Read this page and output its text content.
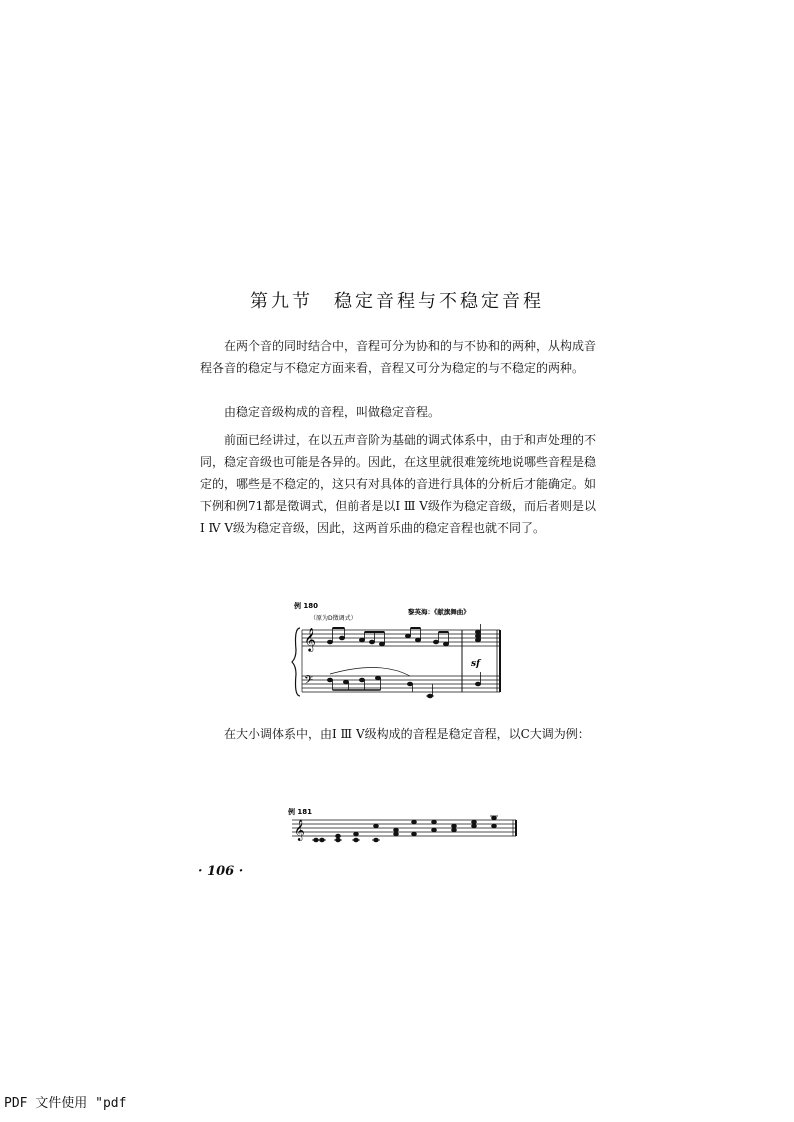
第九节　稳定音程与不稳定音程

在两个音的同时结合中，音程可分为协和的与不协和的两种，从构成音程各音的稳定与不稳定方面来看，音程又可分为稳定的与不稳定的两种。

由稳定音级构成的音程，叫做稳定音程。

前面已经讲过，在以五声音阶为基础的调式体系中，由于和声处理的不同，稳定音级也可能是各异的。因此，在这里就很难笼统地说哪些音程是稳定的，哪些是不稳定的，这只有对具体的音进行具体的分析后才能确定。如下例和例71都是徵调式，但前者是以Ⅰ Ⅲ Ⅴ级作为稳定音级，而后者则是以Ⅰ Ⅳ Ⅴ级为稳定音级，因此，这两首乐曲的稳定音程也就不同了。

例 180
（原为D徵调式）
黎英海：《献旗舞曲》
𝄞
𝄢
sf

在大小调体系中，由Ⅰ Ⅲ Ⅴ级构成的音程是稳定音程，以C大调为例：

例 181
𝄞
· 106 ·
PDF 文件使用 "pdf
